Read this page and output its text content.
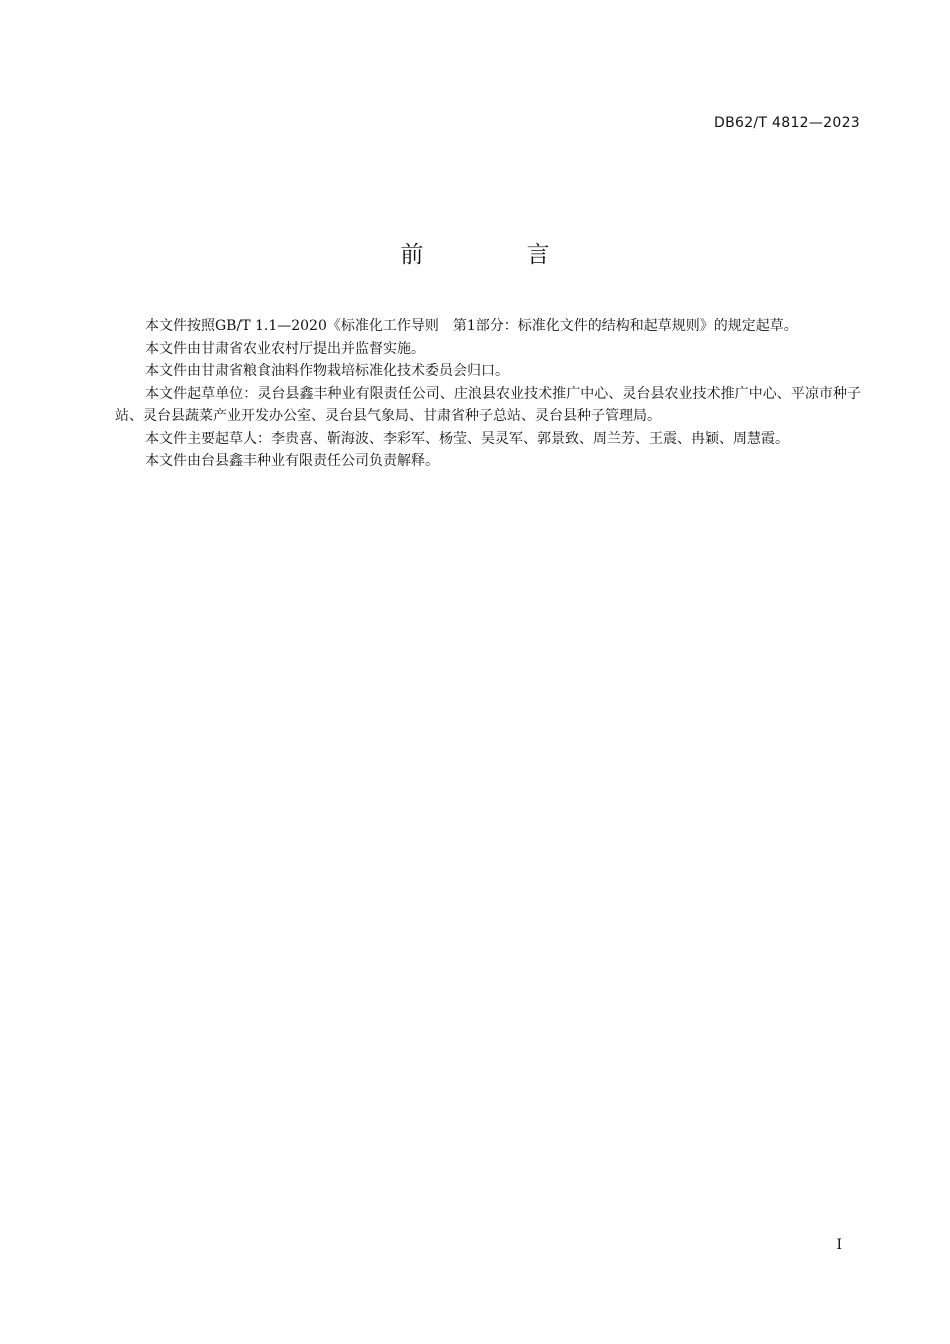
DB62/T 4812—2023
前 言

本文件按照GB/T 1.1—2020《标准化工作导则　第1部分：标准化文件的结构和起草规则》的规定起草。

本文件由甘肃省农业农村厅提出并监督实施。

本文件由甘肃省粮食油料作物栽培标准化技术委员会归口。

本文件起草单位：灵台县鑫丰种业有限责任公司、庄浪县农业技术推广中心、灵台县农业技术推广中心、平凉市种子站、灵台县蔬菜产业开发办公室、灵台县气象局、甘肃省种子总站、灵台县种子管理局。

本文件主要起草人：李贵喜、靳海波、李彩军、杨莹、吴灵军、郭景致、周兰芳、王震、冉颖、周慧霞。

本文件由台县鑫丰种业有限责任公司负责解释。

I
